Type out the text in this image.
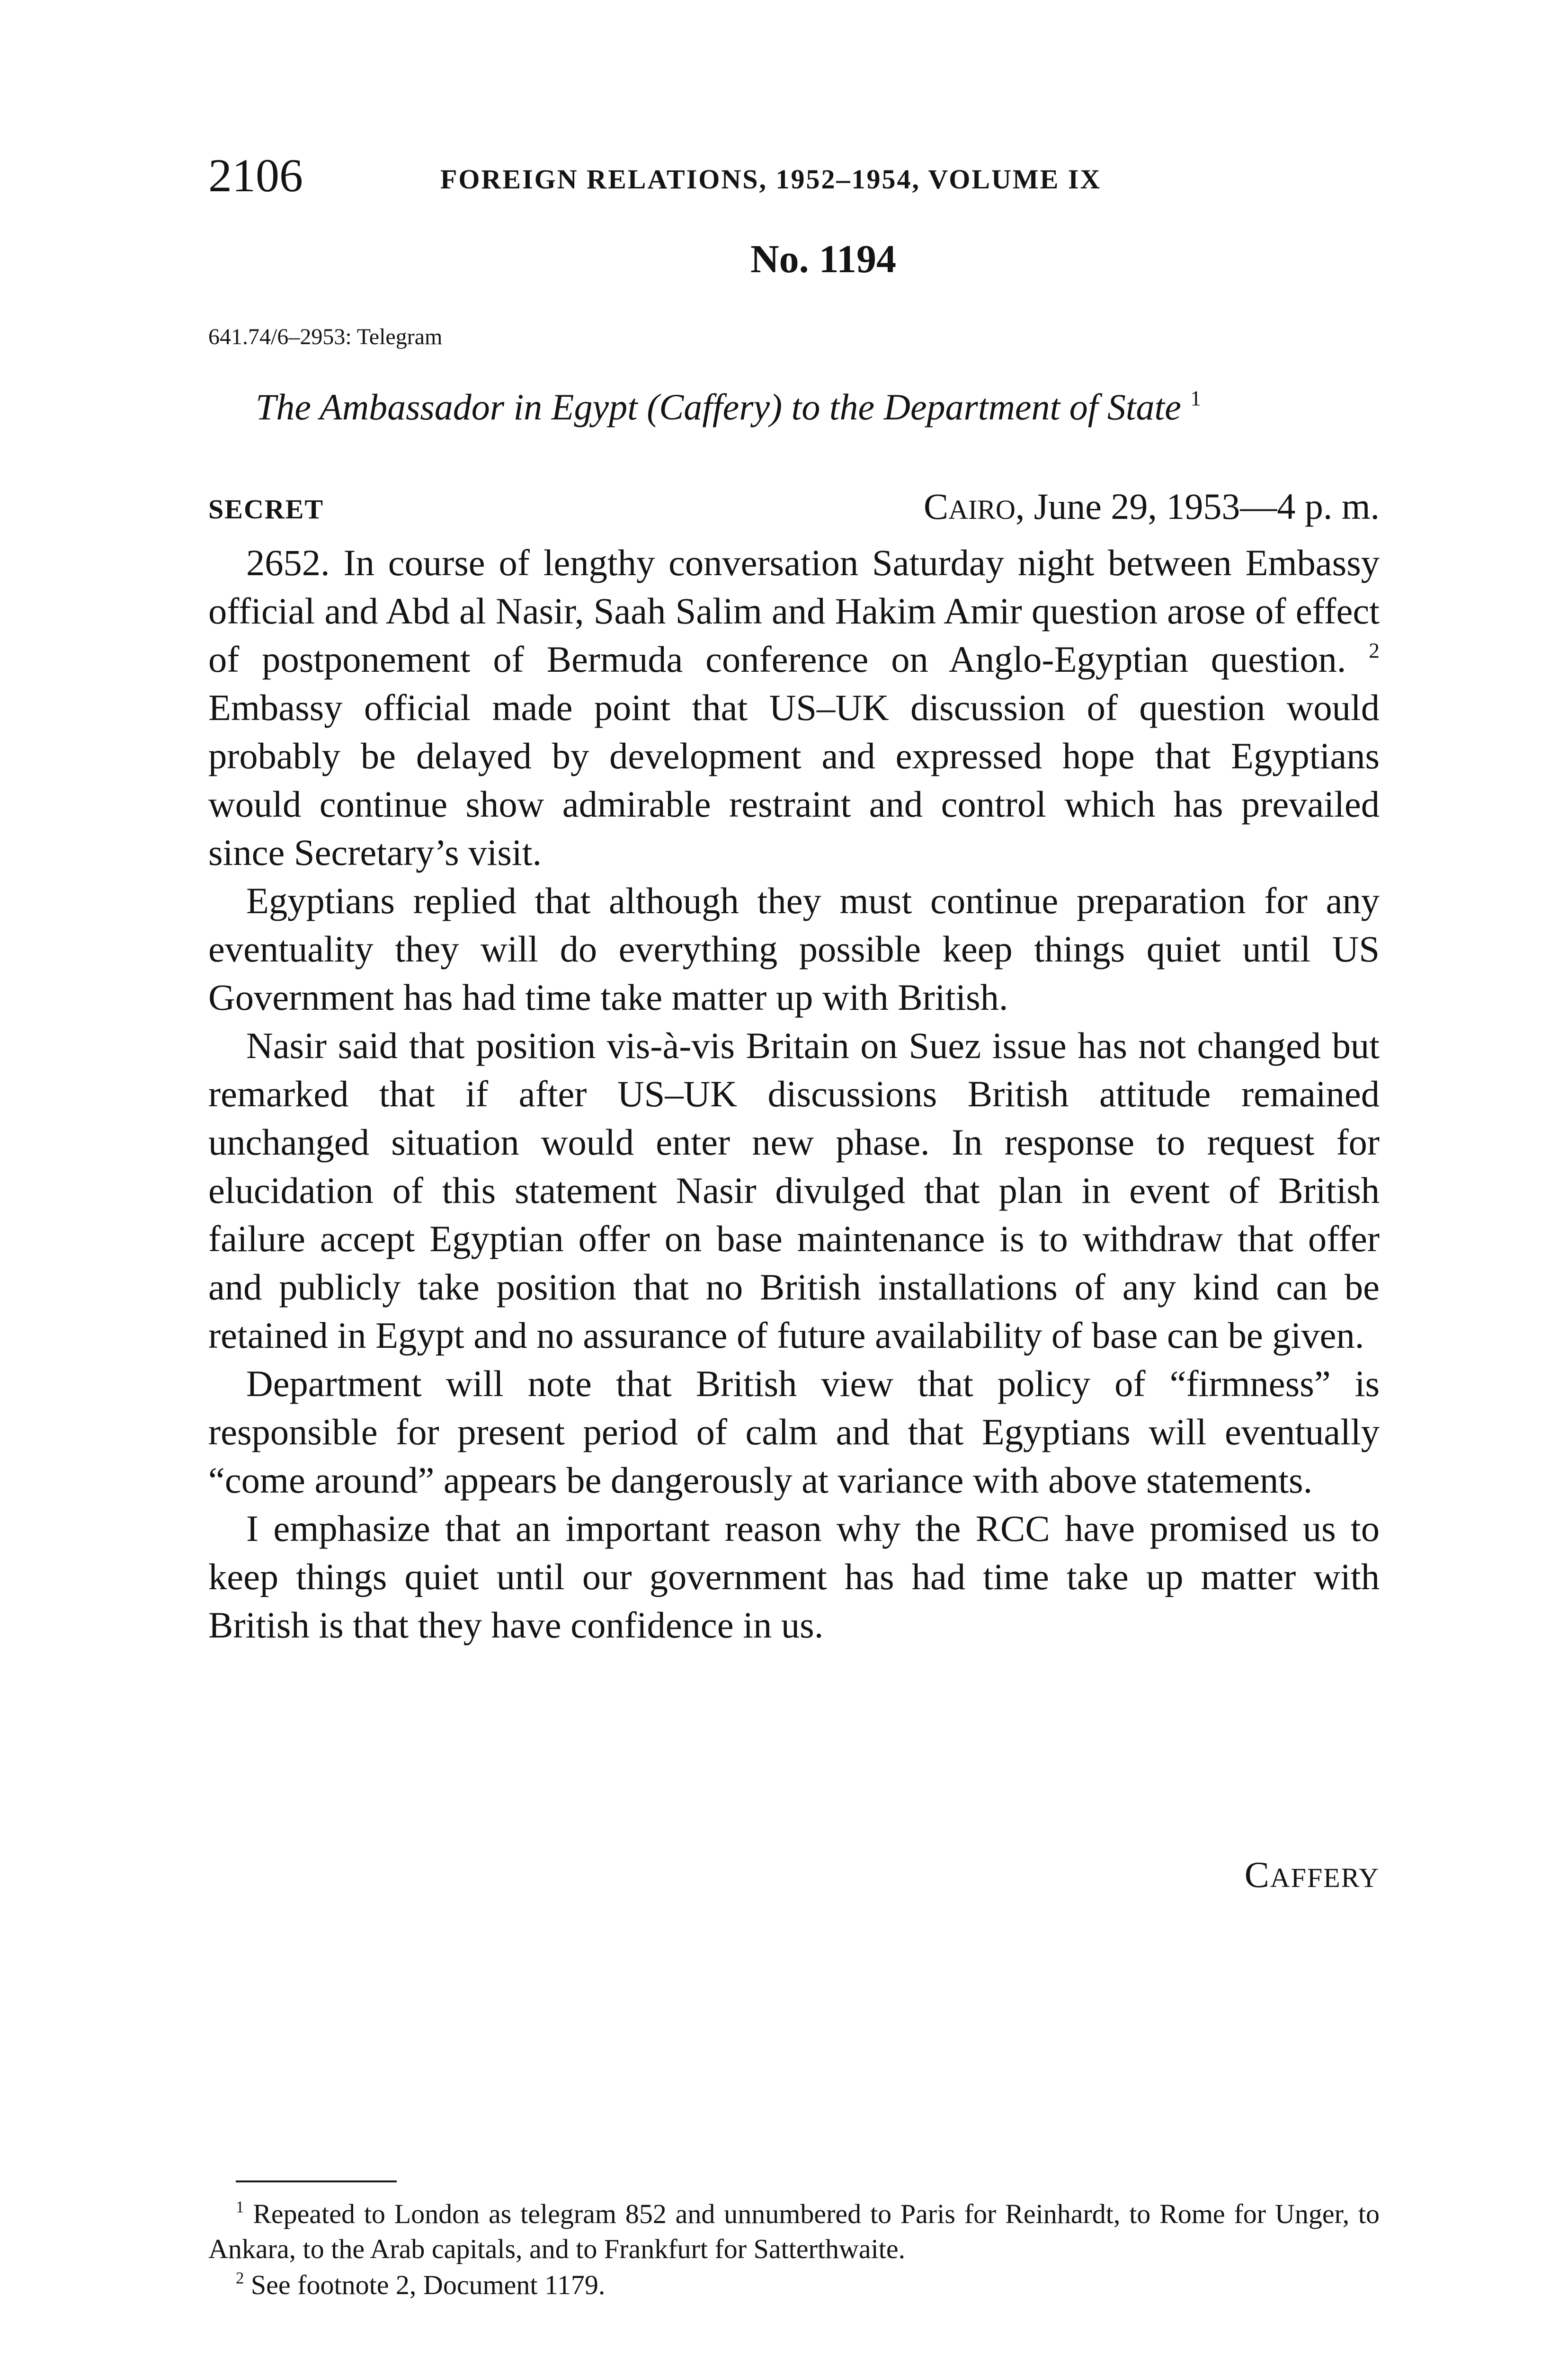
2106	FOREIGN RELATIONS, 1952–1954, VOLUME IX
No. 1194
641.74/6–2953: Telegram
The Ambassador in Egypt (Caffery) to the Department of State $^1$
SECRET	CAIRO, June 29, 1953—4 p. m.

2652. In course of lengthy conversation Saturday night between Embassy official and Abd al Nasir, Saah Salim and Hakim Amir question arose of effect of postponement of Bermuda conference on Anglo-Egyptian question. $^2$ Embassy official made point that US–UK discussion of question would probably be delayed by development and expressed hope that Egyptians would continue show admirable restraint and control which has prevailed since Secretary’s visit.

Egyptians replied that although they must continue preparation for any eventuality they will do everything possible keep things quiet until US Government has had time take matter up with British.

Nasir said that position vis-à-vis Britain on Suez issue has not changed but remarked that if after US–UK discussions British attitude remained unchanged situation would enter new phase. In response to request for elucidation of this statement Nasir divulged that plan in event of British failure accept Egyptian offer on base maintenance is to withdraw that offer and publicly take position that no British installations of any kind can be retained in Egypt and no assurance of future availability of base can be given.

Department will note that British view that policy of “firmness” is responsible for present period of calm and that Egyptians will eventually “come around” appears be dangerously at variance with above statements.

I emphasize that an important reason why the RCC have promised us to keep things quiet until our government has had time take up matter with British is that they have confidence in us.

CAFFERY

$^1$ Repeated to London as telegram 852 and unnumbered to Paris for Reinhardt, to Rome for Unger, to Ankara, to the Arab capitals, and to Frankfurt for Satterthwaite.

$^2$ See footnote 2, Document 1179.
